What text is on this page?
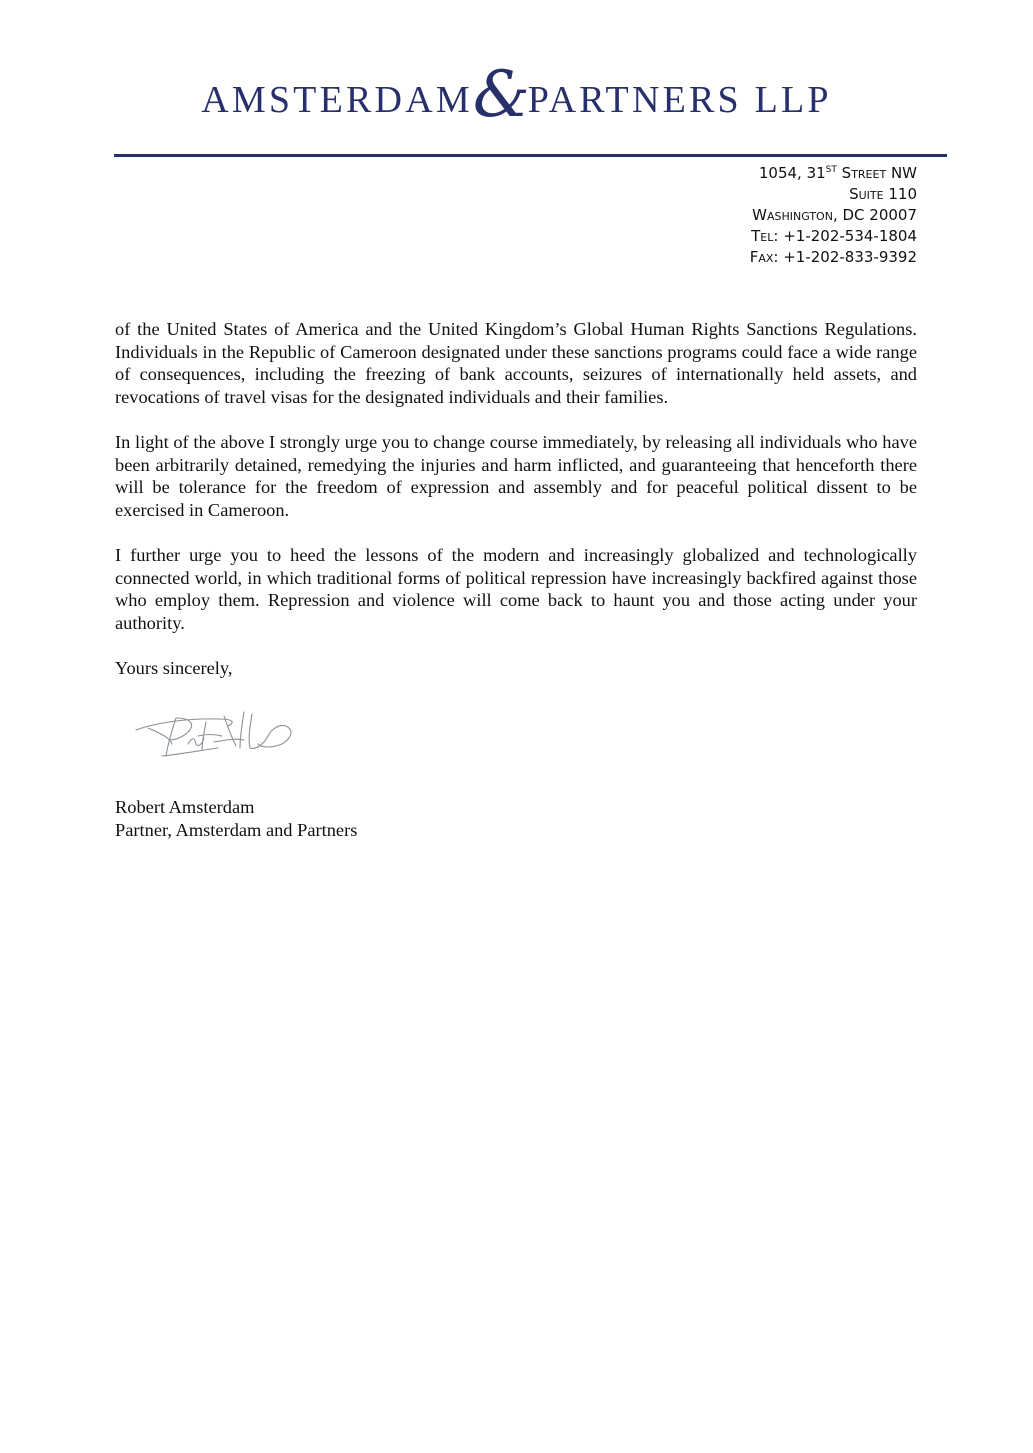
AMSTERDAM&PARTNERS LLP
1054, 31ST Street NW
Suite 110
Washington, DC 20007
Tel: +1-202-534-1804
Fax: +1-202-833-9392

of the United States of America and the United Kingdom’s Global Human Rights Sanctions Regulations. Individuals in the Republic of Cameroon designated under these sanctions programs could face a wide range of consequences, including the freezing of bank accounts, seizures of internationally held assets, and revocations of travel visas for the designated individuals and their families.

In light of the above I strongly urge you to change course immediately, by releasing all individuals who have been arbitrarily detained, remedying the injuries and harm inflicted, and guaranteeing that henceforth there will be tolerance for the freedom of expression and assembly and for peaceful political dissent to be exercised in Cameroon.

I further urge you to heed the lessons of the modern and increasingly globalized and technologically connected world, in which traditional forms of political repression have increasingly backfired against those who employ them. Repression and violence will come back to haunt you and those acting under your authority.

Yours sincerely,

Robert Amsterdam
Partner, Amsterdam and Partners
